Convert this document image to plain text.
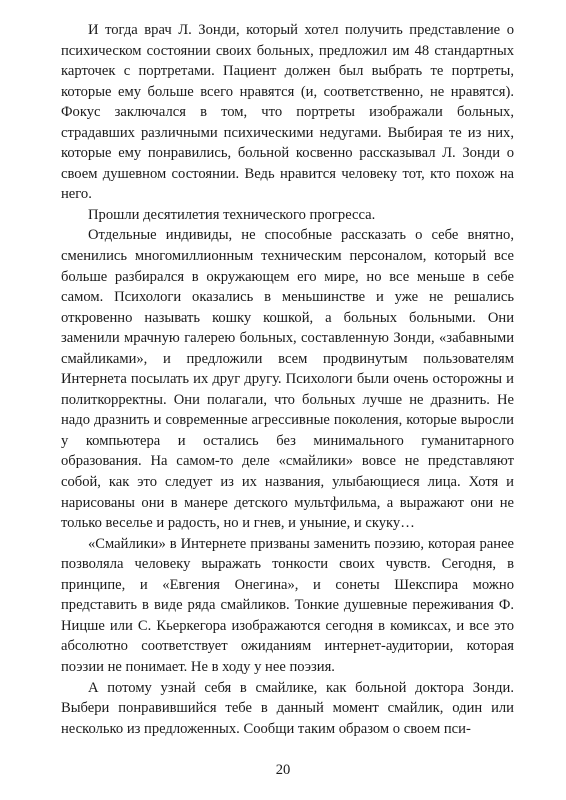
И тогда врач Л. Зонди, который хотел получить представление о психическом состоянии своих больных, предложил им 48 стандартных карточек с портретами. Пациент должен был выбрать те портреты, которые ему больше всего нравятся (и, соответственно, не нравятся). Фокус заключался в том, что портреты изображали больных, страдавших различными психическими недугами. Выбирая те из них, которые ему понравились, больной косвенно рассказывал Л. Зонди о своем душевном состоянии. Ведь нравится человеку тот, кто похож на него.

Прошли десятилетия технического прогресса.

Отдельные индивиды, не способные рассказать о себе внятно, сменились многомиллионным техническим персоналом, который все больше разбирался в окружающем его мире, но все меньше в себе самом. Психологи оказались в меньшинстве и уже не решались откровенно называть кошку кошкой, а больных больными. Они заменили мрачную галерею больных, составленную Зонди, «забавными смайликами», и предложили всем продвинутым пользователям Интернета посылать их друг другу. Психологи были очень осторожны и политкорректны. Они полагали, что больных лучше не дразнить. Не надо дразнить и современные агрессивные поколения, которые выросли у компьютера и остались без минимального гуманитарного образования. На самом-то деле «смайлики» вовсе не представляют собой, как это следует из их названия, улыбающиеся лица. Хотя и нарисованы они в манере детского мультфильма, а выражают они не только веселье и радость, но и гнев, и уныние, и скуку…

«Смайлики» в Интернете призваны заменить поэзию, которая ранее позволяла человеку выражать тонкости своих чувств. Сегодня, в принципе, и «Евгения Онегина», и сонеты Шекспира можно представить в виде ряда смайликов. Тонкие душевные переживания Ф. Ницше или С. Кьеркегора изображаются сегодня в комиксах, и все это абсолютно соответствует ожиданиям интернет-аудитории, которая поэзии не понимает. Не в ходу у нее поэзия.

А потому узнай себя в смайлике, как больной доктора Зонди. Выбери понравившийся тебе в данный момент смайлик, один или несколько из предложенных. Сообщи таким образом о своем пси-

20
